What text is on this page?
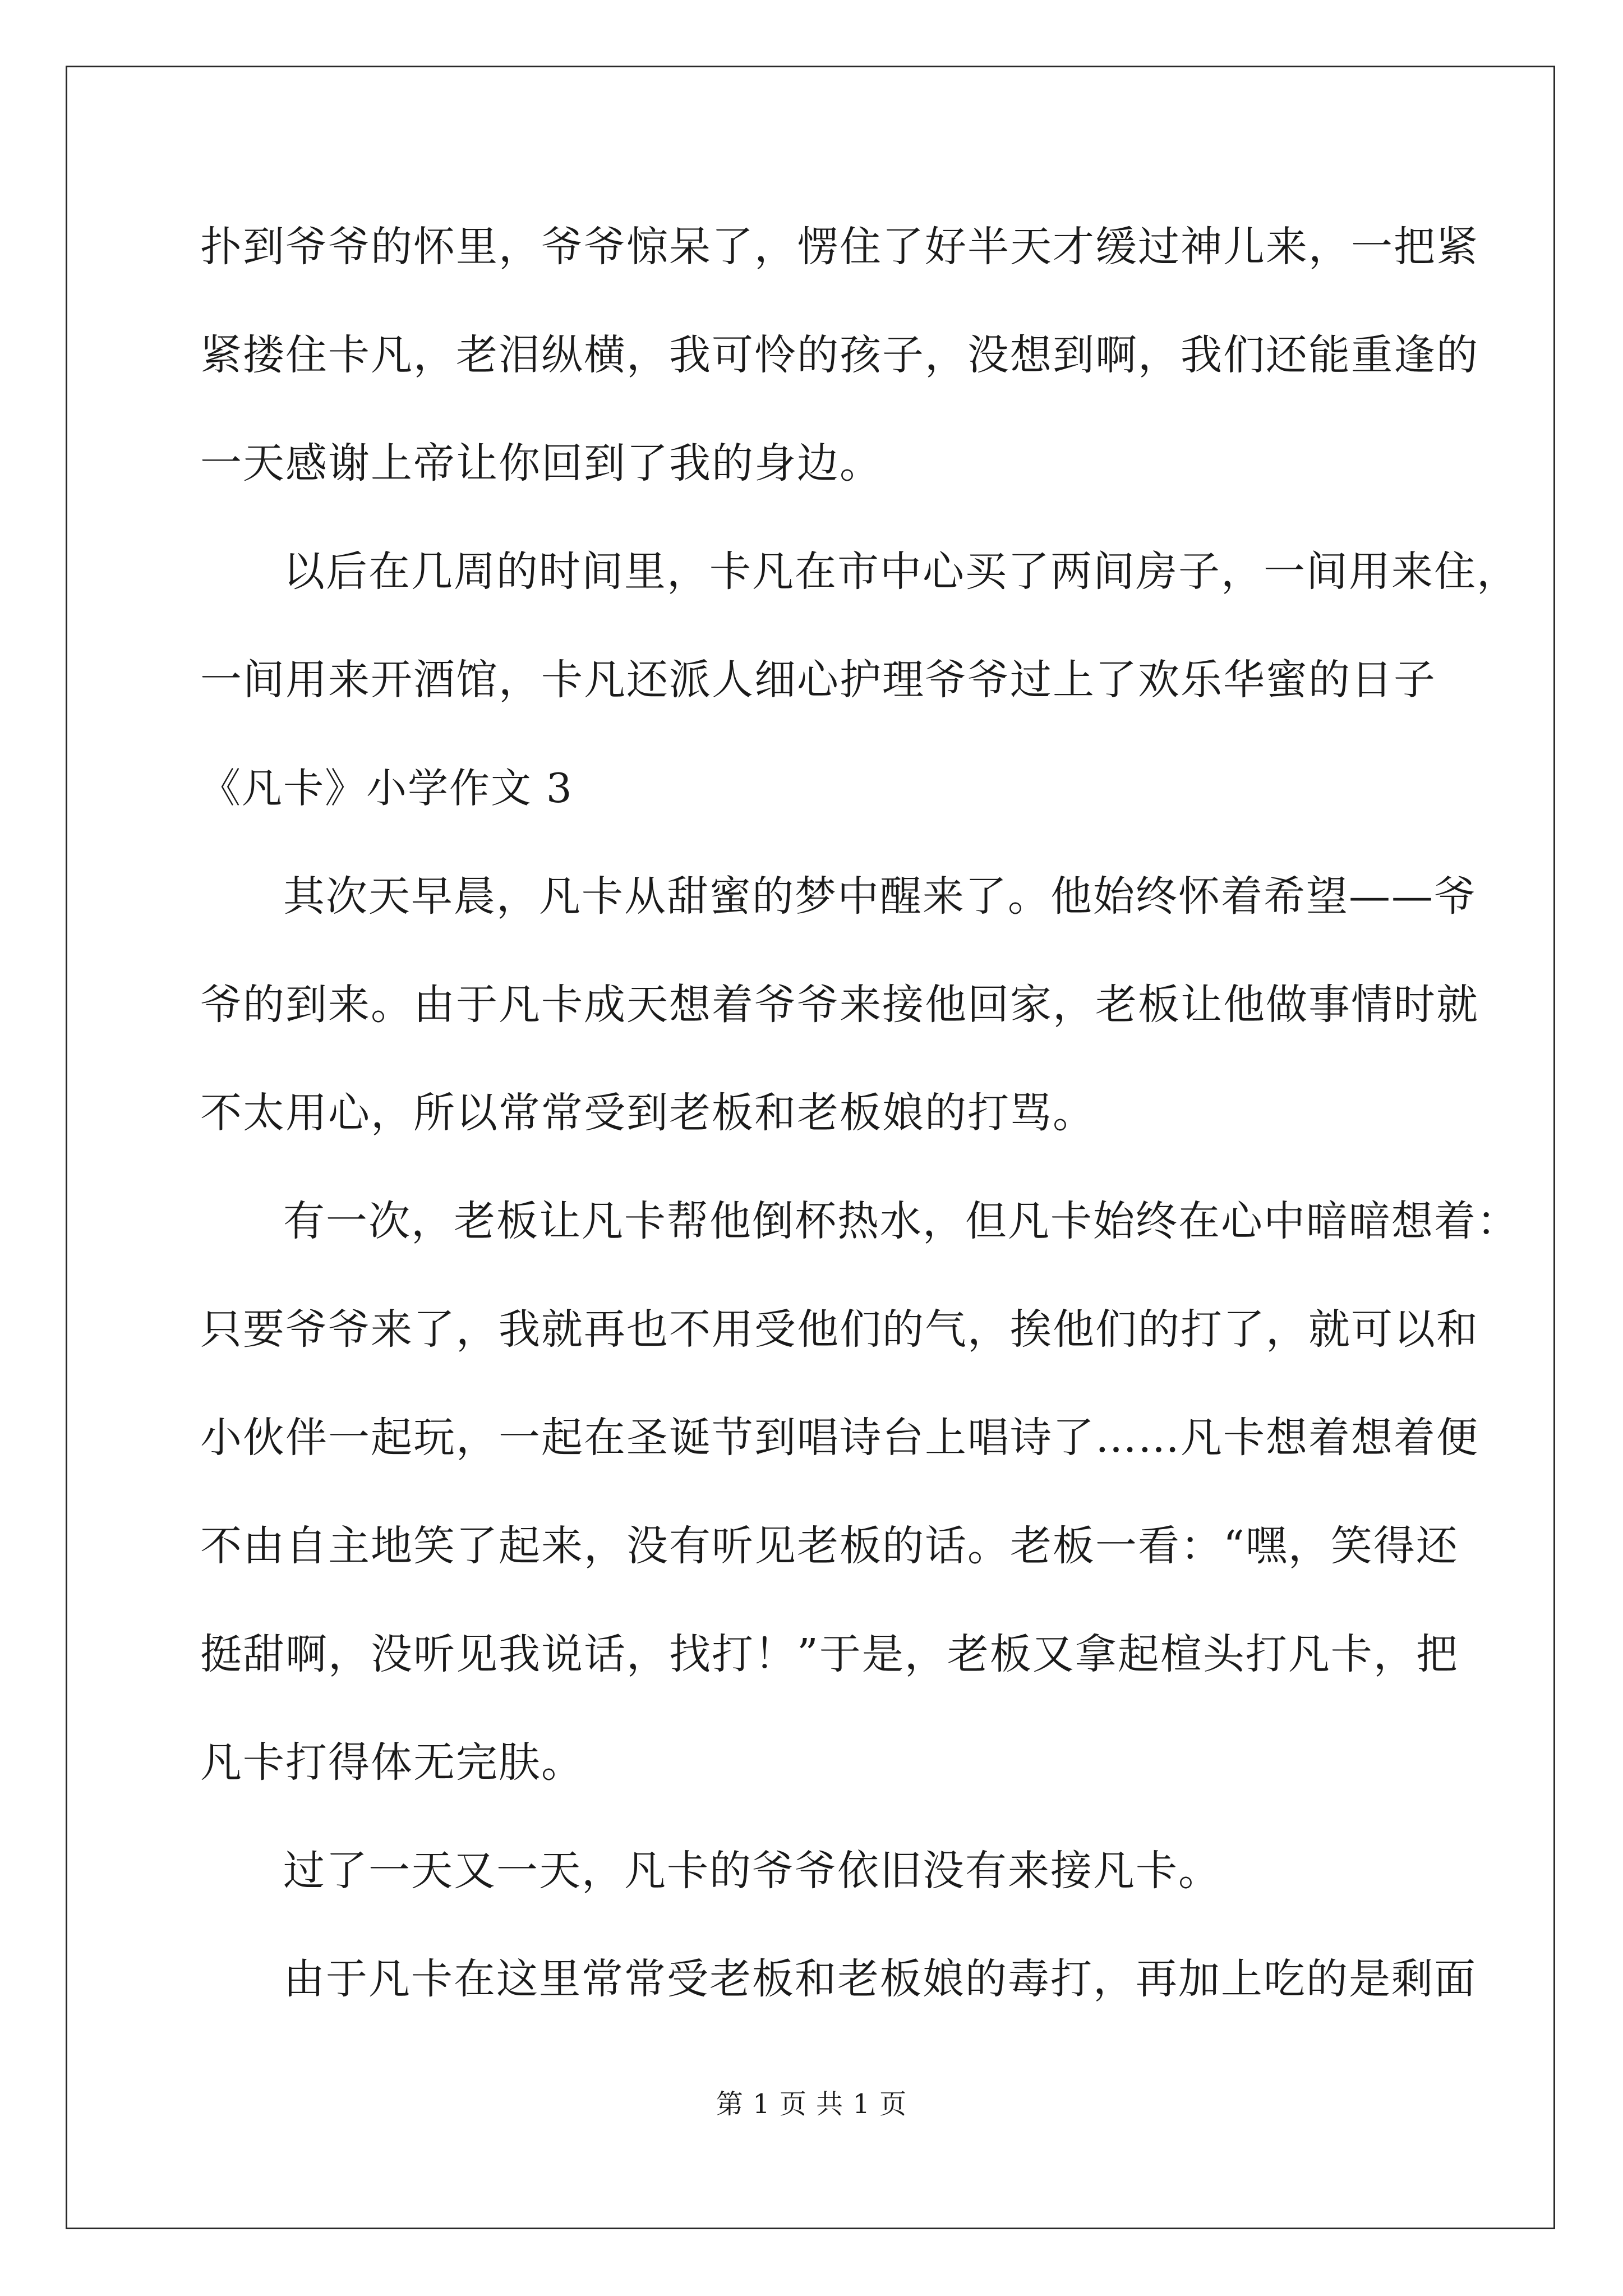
扑到爷爷的怀里，爷爷惊呆了，愣住了好半天才缓过神儿来，一把紧
紧搂住卡凡，老泪纵横，我可怜的孩子，没想到啊，我们还能重逢的
一天感谢上帝让你回到了我的身边。
以后在几周的时间里，卡凡在市中心买了两间房子，一间用来住，
一间用来开酒馆，卡凡还派人细心护理爷爷过上了欢乐华蜜的日子
《凡卡》小学作文 3
其次天早晨，凡卡从甜蜜的梦中醒来了。他始终怀着希望——爷
爷的到来。由于凡卡成天想着爷爷来接他回家，老板让他做事情时就
不太用心，所以常常受到老板和老板娘的打骂。
有一次，老板让凡卡帮他倒杯热水，但凡卡始终在心中暗暗想着：
只要爷爷来了，我就再也不用受他们的气，挨他们的打了，就可以和
小伙伴一起玩，一起在圣诞节到唱诗台上唱诗了……凡卡想着想着便
不由自主地笑了起来，没有听见老板的话。老板一看：“嘿，笑得还
挺甜啊，没听见我说话，找打！”于是，老板又拿起楦头打凡卡，把
凡卡打得体无完肤。
过了一天又一天，凡卡的爷爷依旧没有来接凡卡。
由于凡卡在这里常常受老板和老板娘的毒打，再加上吃的是剩面
第 1 页 共 1 页
